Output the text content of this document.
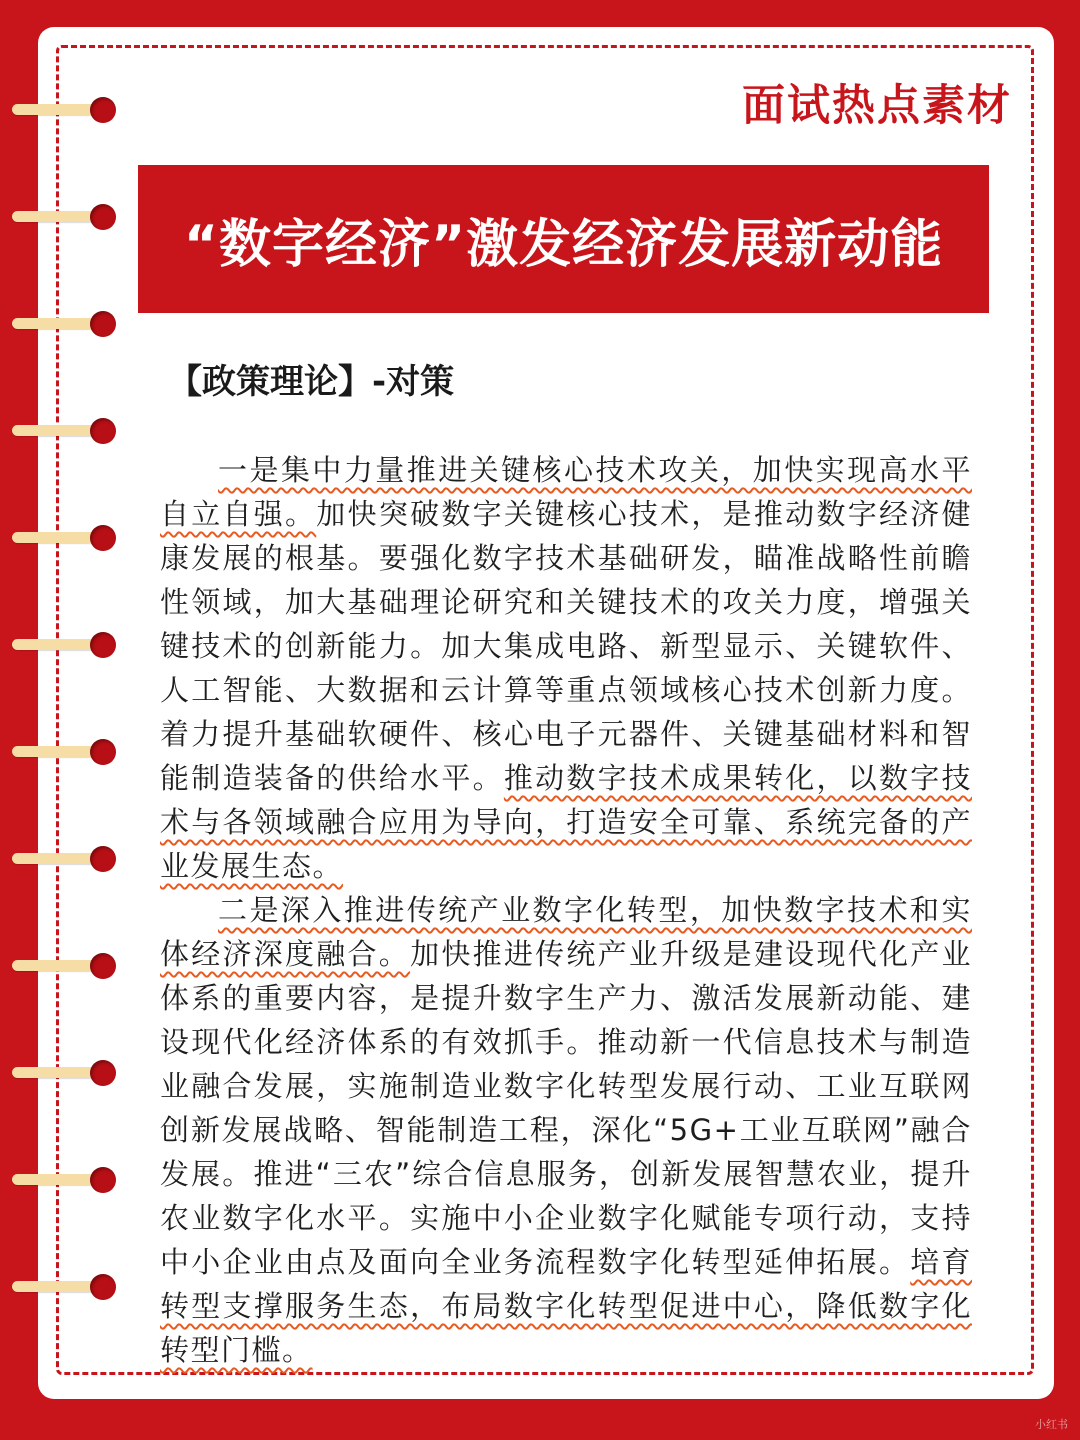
面试热点素材
“数字经济”激发经济发展新动能
【政策理论】-对策

一是集中力量推进关键核心技术攻关，加快实现高水平自立自强。加快突破数字关键核心技术，是推动数字经济健康发展的根基。要强化数字技术基础研发，瞄准战略性前瞻性领域，加大基础理论研究和关键技术的攻关力度，增强关键技术的创新能力。加大集成电路、新型显示、关键软件、人工智能、大数据和云计算等重点领域核心技术创新力度。着力提升基础软硬件、核心电子元器件、关键基础材料和智能制造装备的供给水平。推动数字技术成果转化，以数字技术与各领域融合应用为导向，打造安全可靠、系统完备的产业发展生态。

二是深入推进传统产业数字化转型，加快数字技术和实体经济深度融合。加快推进传统产业升级是建设现代化产业体系的重要内容，是提升数字生产力、激活发展新动能、建设现代化经济体系的有效抓手。推动新一代信息技术与制造业融合发展，实施制造业数字化转型发展行动、工业互联网创新发展战略、智能制造工程，深化“5G+工业互联网”融合发展。推进“三农”综合信息服务，创新发展智慧农业，提升农业数字化水平。实施中小企业数字化赋能专项行动，支持中小企业由点及面向全业务流程数字化转型延伸拓展。培育转型支撑服务生态，布局数字化转型促进中心，降低数字化转型门槛。

小红书
